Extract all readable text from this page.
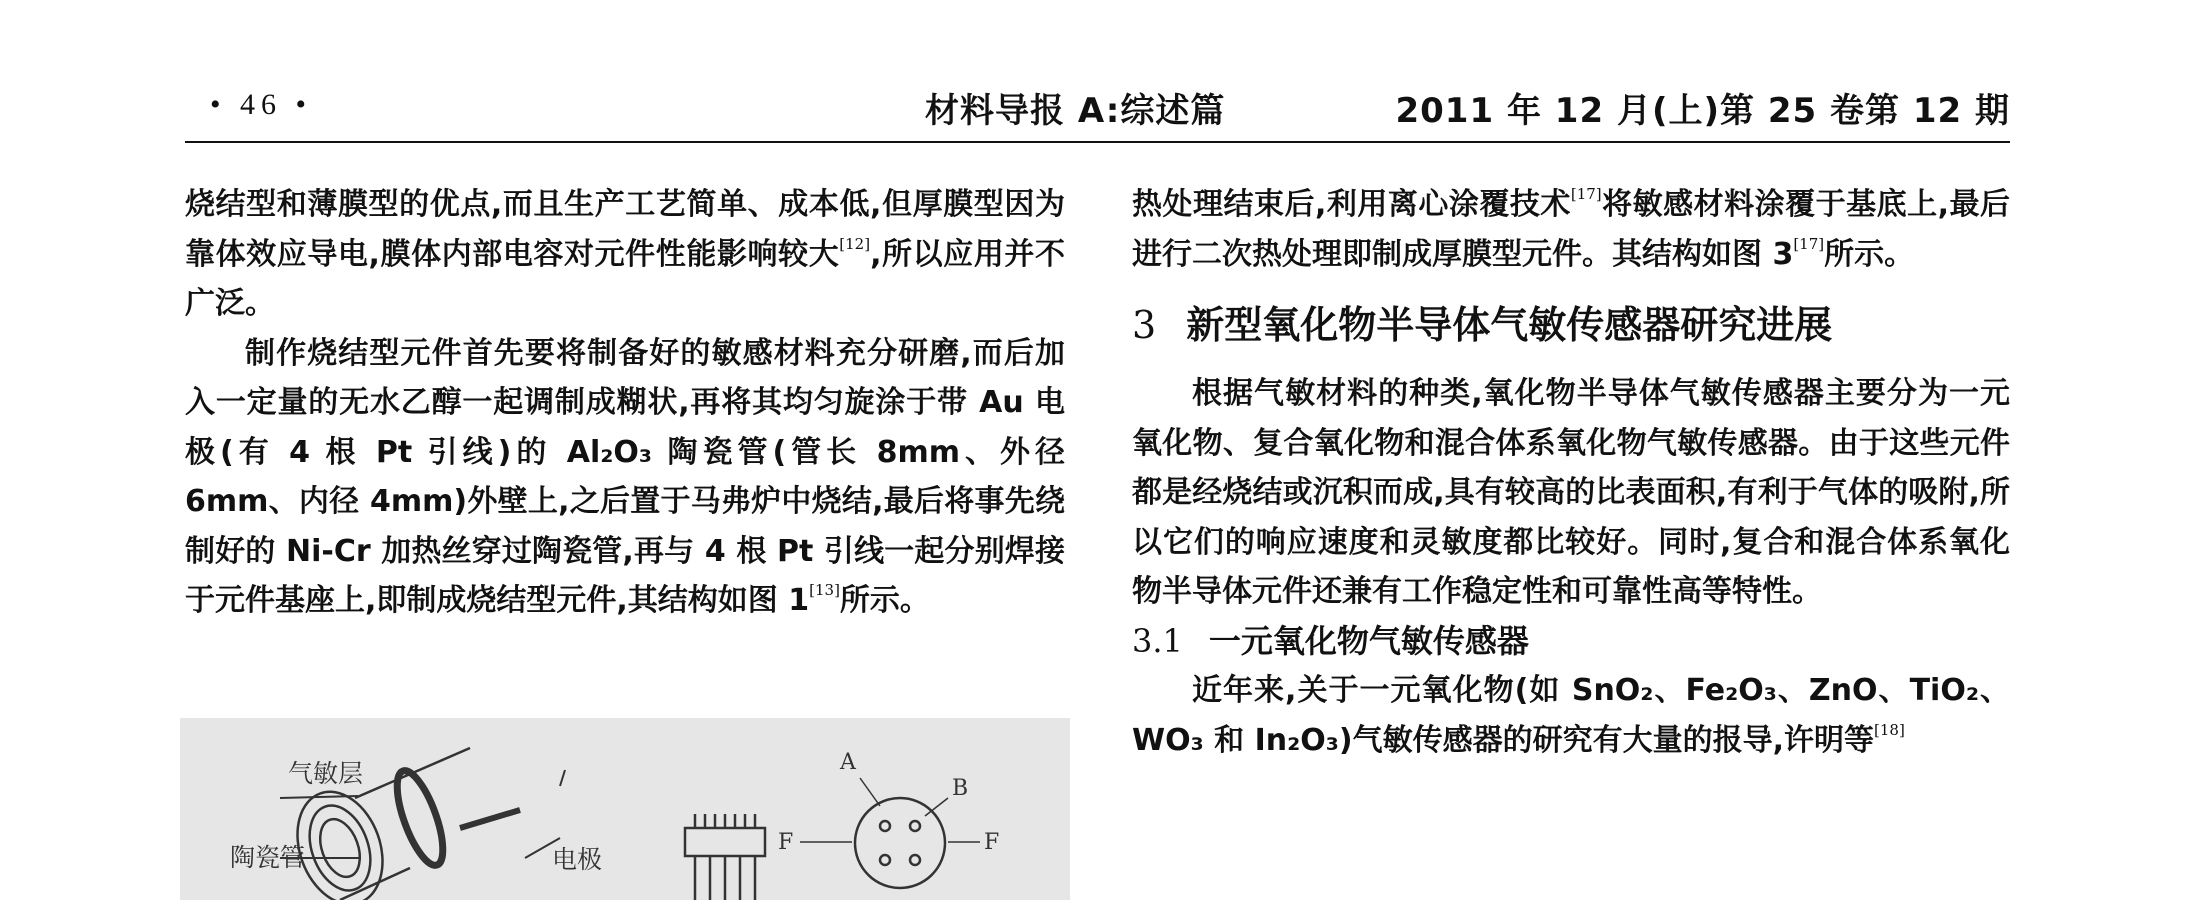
• 46 •	材料导报 A:综述篇	2011 年 12 月(上)第 25 卷第 12 期

烧结型和薄膜型的优点,而且生产工艺简单、成本低,但厚膜型因为靠体效应导电,膜体内部电容对元件性能影响较大[12],所以应用并不广泛。

制作烧结型元件首先要将制备好的敏感材料充分研磨,而后加入一定量的无水乙醇一起调制成糊状,再将其均匀旋涂于带 Au 电极(有 4 根 Pt 引线)的 Al₂O₃ 陶瓷管(管长 8mm、外径 6mm、内径 4mm)外壁上,之后置于马弗炉中烧结,最后将事先绕制好的 Ni-Cr 加热丝穿过陶瓷管,再与 4 根 Pt 引线一起分别焊接于元件基座上,即制成烧结型元件,其结构如图 1[13]所示。

气敏层
陶瓷管	电极
A
B
F	F

热处理结束后,利用离心涂覆技术[17]将敏感材料涂覆于基底上,最后进行二次热处理即制成厚膜型元件。其结构如图 3[17]所示。

3 新型氧化物半导体气敏传感器研究进展

根据气敏材料的种类,氧化物半导体气敏传感器主要分为一元氧化物、复合氧化物和混合体系氧化物气敏传感器。由于这些元件都是经烧结或沉积而成,具有较高的比表面积,有利于气体的吸附,所以它们的响应速度和灵敏度都比较好。同时,复合和混合体系氧化物半导体元件还兼有工作稳定性和可靠性高等特性。

3.1 一元氧化物气敏传感器

近年来,关于一元氧化物(如 SnO₂、Fe₂O₃、ZnO、TiO₂、WO₃ 和 In₂O₃)气敏传感器的研究有大量的报导,许明等[18]
